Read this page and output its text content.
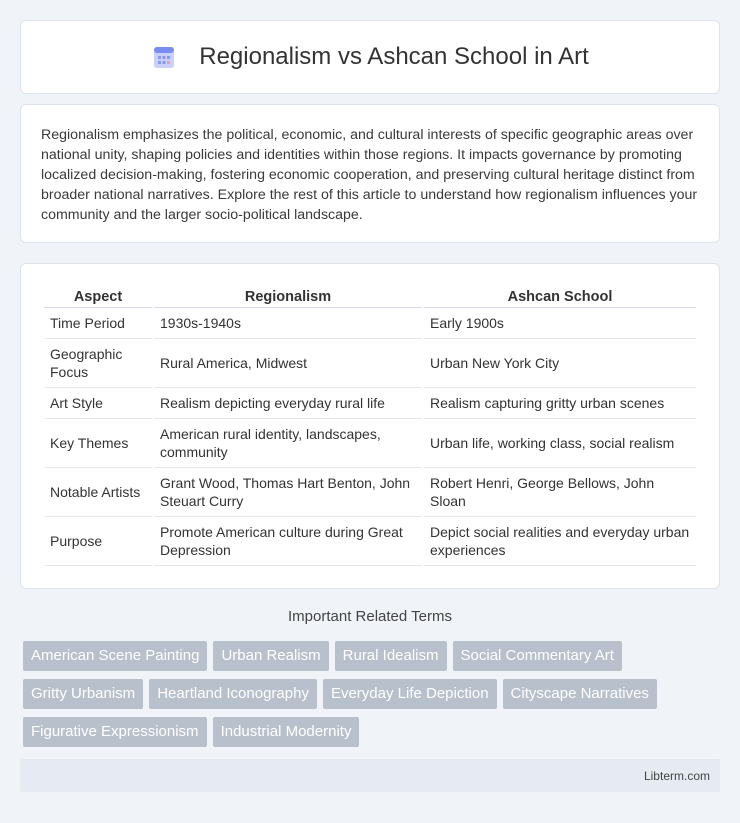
Regionalism vs Ashcan School in Art

Regionalism emphasizes the political, economic, and cultural interests of specific geographic areas over national unity, shaping policies and identities within those regions. It impacts governance by promoting localized decision-making, fostering economic cooperation, and preserving cultural heritage distinct from broader national narratives. Explore the rest of this article to understand how regionalism influences your community and the larger socio-political landscape.

Aspect	Regionalism	Ashcan School
Time Period	1930s-1940s	Early 1900s
Geographic Focus	Rural America, Midwest	Urban New York City
Art Style	Realism depicting everyday rural life	Realism capturing gritty urban scenes
Key Themes	American rural identity, landscapes, community	Urban life, working class, social realism
Notable Artists	Grant Wood, Thomas Hart Benton, John Steuart Curry	Robert Henri, George Bellows, John Sloan
Purpose	Promote American culture during Great Depression	Depict social realities and everyday urban experiences
Important Related Terms
American Scene Painting	Urban Realism	Rural Idealism	Social Commentary Art
Gritty Urbanism	Heartland Iconography	Everyday Life Depiction	Cityscape Narratives
Figurative Expressionism	Industrial Modernity
Libterm.com
